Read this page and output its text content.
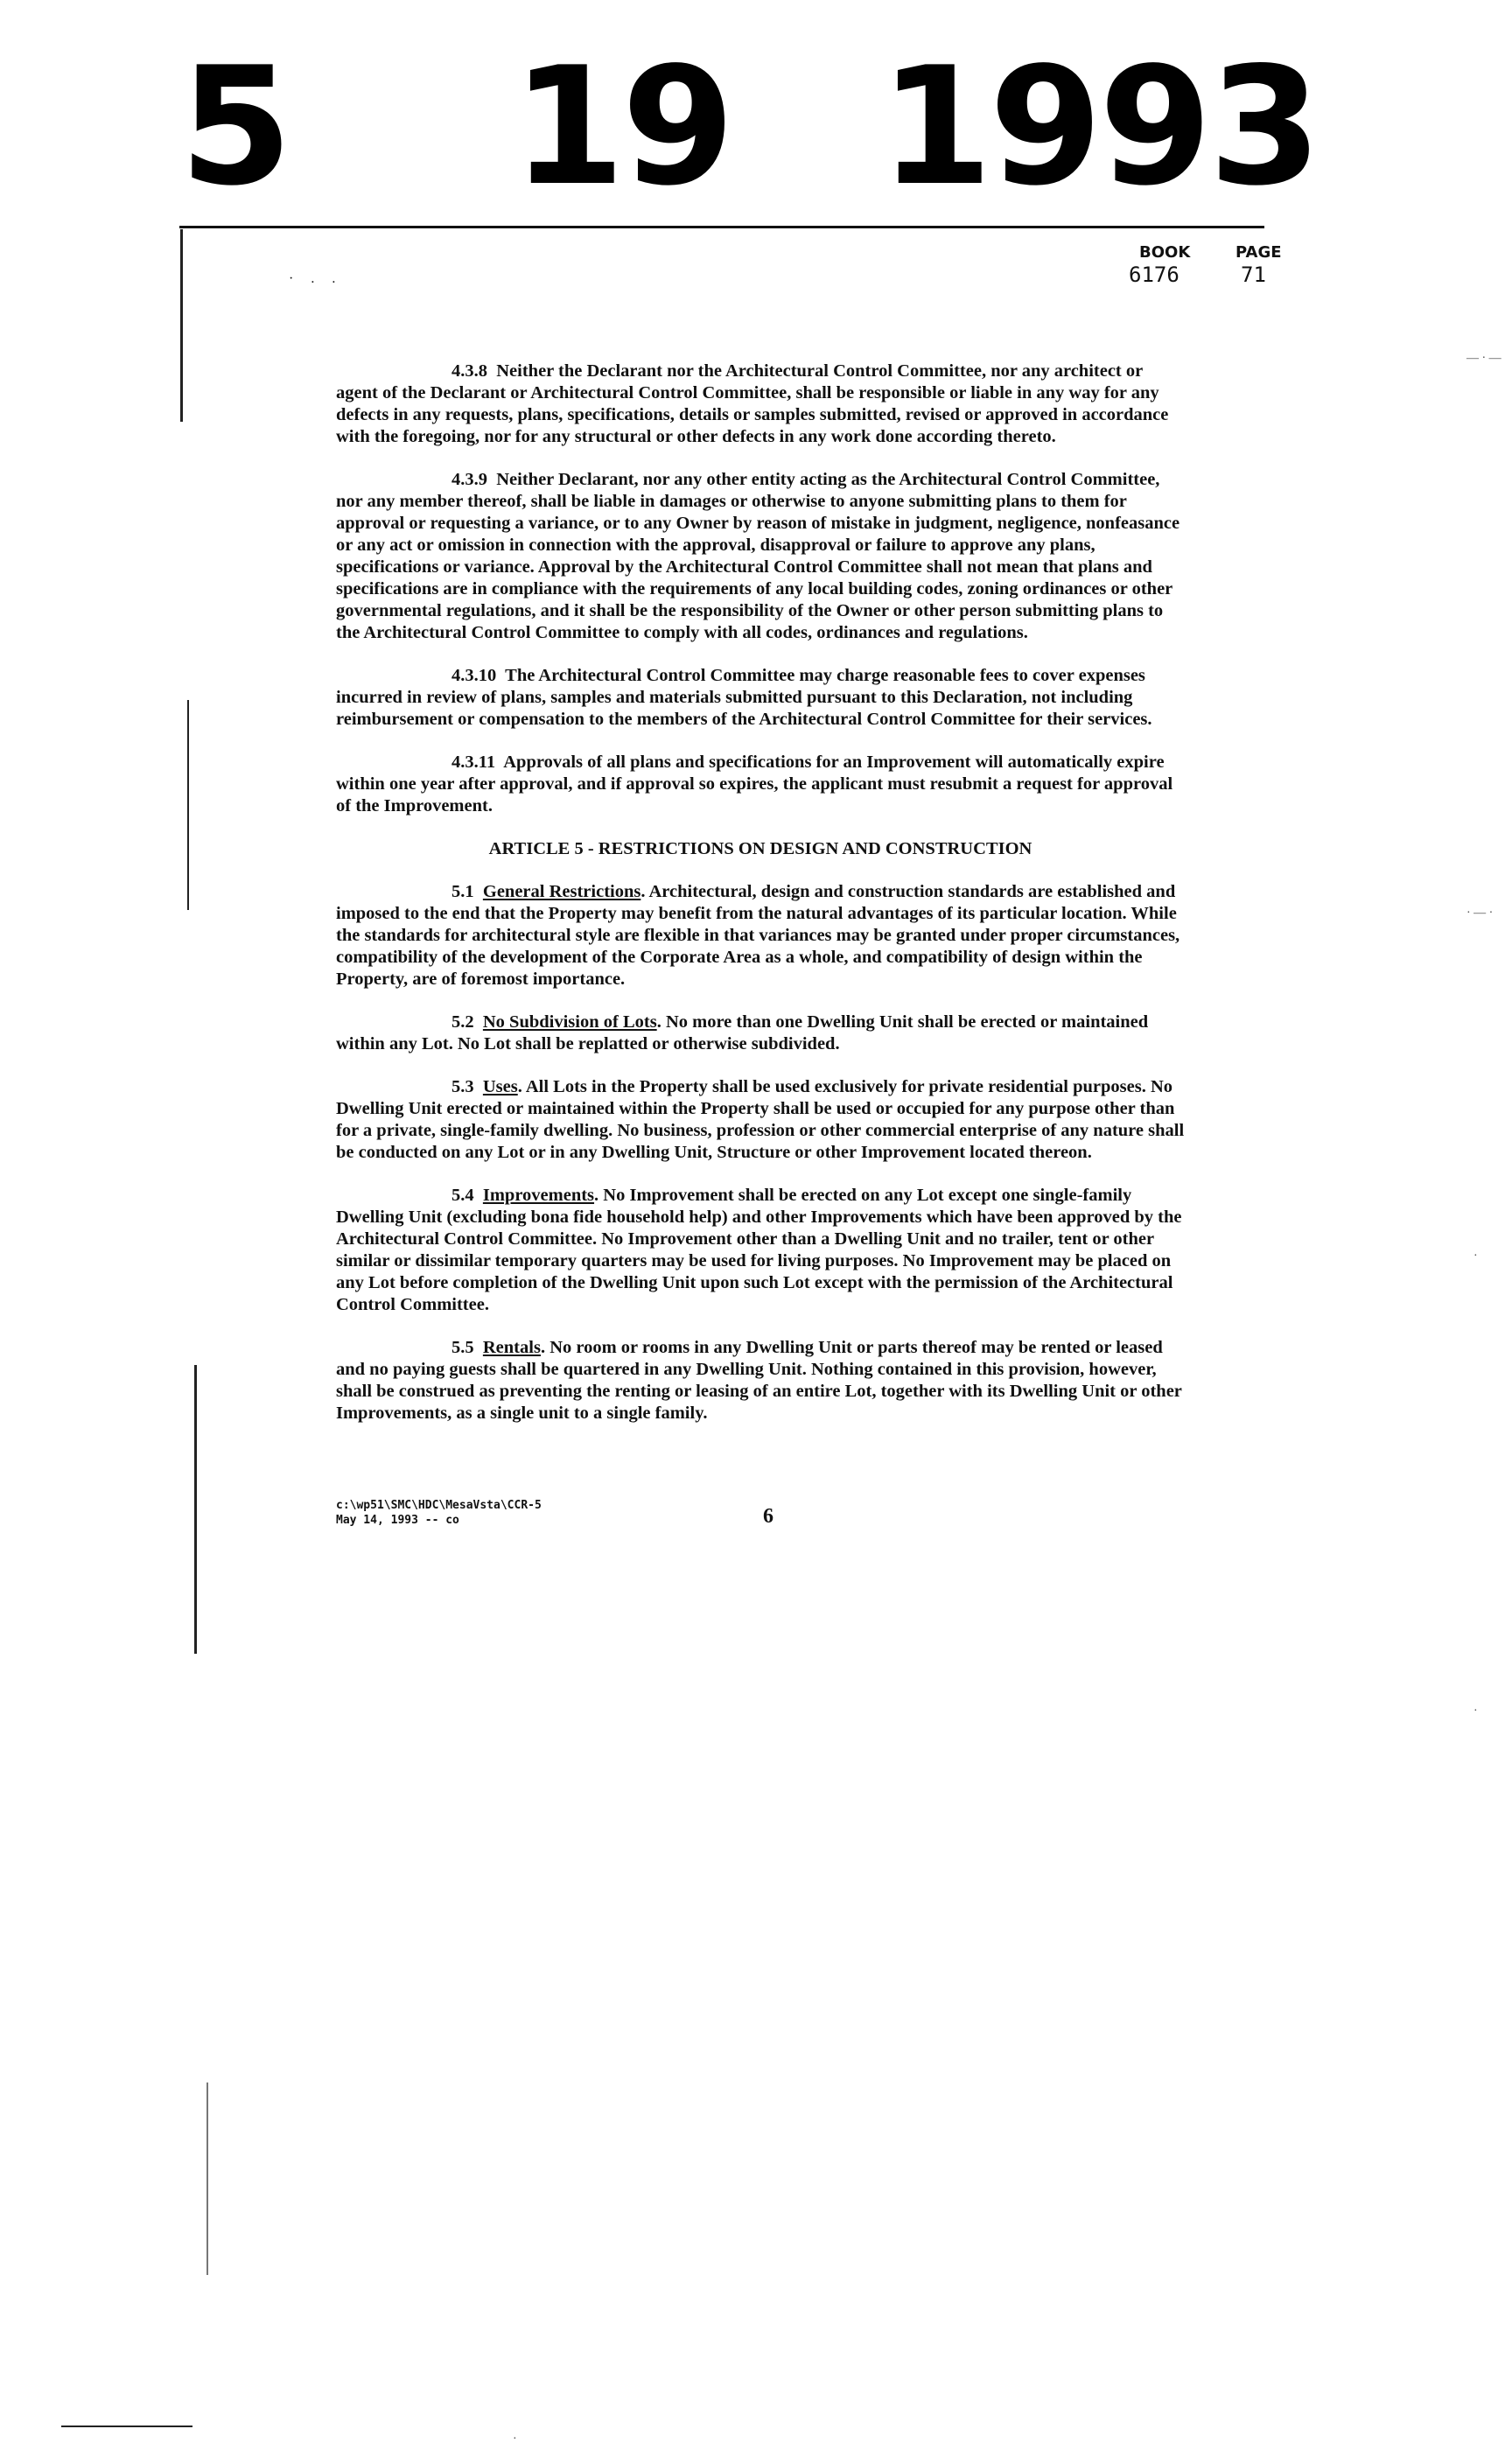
5 19 1993
BOOK
6176
PAGE
71
· . .

4.3.8 Neither the Declarant nor the Architectural Control Committee, nor any architect or agent of the Declarant or Architectural Control Committee, shall be responsible or liable in any way for any defects in any requests, plans, specifications, details or samples submitted, revised or approved in accordance with the foregoing, nor for any structural or other defects in any work done according thereto.

4.3.9 Neither Declarant, nor any other entity acting as the Architectural Control Committee, nor any member thereof, shall be liable in damages or otherwise to anyone submitting plans to them for approval or requesting a variance, or to any Owner by reason of mistake in judgment, negligence, nonfeasance or any act or omission in connection with the approval, disapproval or failure to approve any plans, specifications or variance. Approval by the Architectural Control Committee shall not mean that plans and specifications are in compliance with the requirements of any local building codes, zoning ordinances or other governmental regulations, and it shall be the responsibility of the Owner or other person submitting plans to the Architectural Control Committee to comply with all codes, ordinances and regulations.

4.3.10 The Architectural Control Committee may charge reasonable fees to cover expenses incurred in review of plans, samples and materials submitted pursuant to this Declaration, not including reimbursement or compensation to the members of the Architectural Control Committee for their services.

4.3.11 Approvals of all plans and specifications for an Improvement will automatically expire within one year after approval, and if approval so expires, the applicant must resubmit a request for approval of the Improvement.

ARTICLE 5 - RESTRICTIONS ON DESIGN AND CONSTRUCTION

5.1 General Restrictions. Architectural, design and construction standards are established and imposed to the end that the Property may benefit from the natural advantages of its particular location. While the standards for architectural style are flexible in that variances may be granted under proper circumstances, compatibility of the development of the Corporate Area as a whole, and compatibility of design within the Property, are of foremost importance.

5.2 No Subdivision of Lots. No more than one Dwelling Unit shall be erected or maintained within any Lot. No Lot shall be replatted or otherwise subdivided.

5.3 Uses. All Lots in the Property shall be used exclusively for private residential purposes. No Dwelling Unit erected or maintained within the Property shall be used or occupied for any purpose other than for a private, single-family dwelling. No business, profession or other commercial enterprise of any nature shall be conducted on any Lot or in any Dwelling Unit, Structure or other Improvement located thereon.

5.4 Improvements. No Improvement shall be erected on any Lot except one single-family Dwelling Unit (excluding bona fide household help) and other Improvements which have been approved by the Architectural Control Committee. No Improvement other than a Dwelling Unit and no trailer, tent or other similar or dissimilar temporary quarters may be used for living purposes. No Improvement may be placed on any Lot before completion of the Dwelling Unit upon such Lot except with the permission of the Architectural Control Committee.

5.5 Rentals. No room or rooms in any Dwelling Unit or parts thereof may be rented or leased and no paying guests shall be quartered in any Dwelling Unit. Nothing contained in this provision, however, shall be construed as preventing the renting or leasing of an entire Lot, together with its Dwelling Unit or other Improvements, as a single unit to a single family.

c:\wp51\SMC\HDC\MesaVsta\CCR-5
May 14, 1993 -- co	6
— · —
· — ·
·
·
·
